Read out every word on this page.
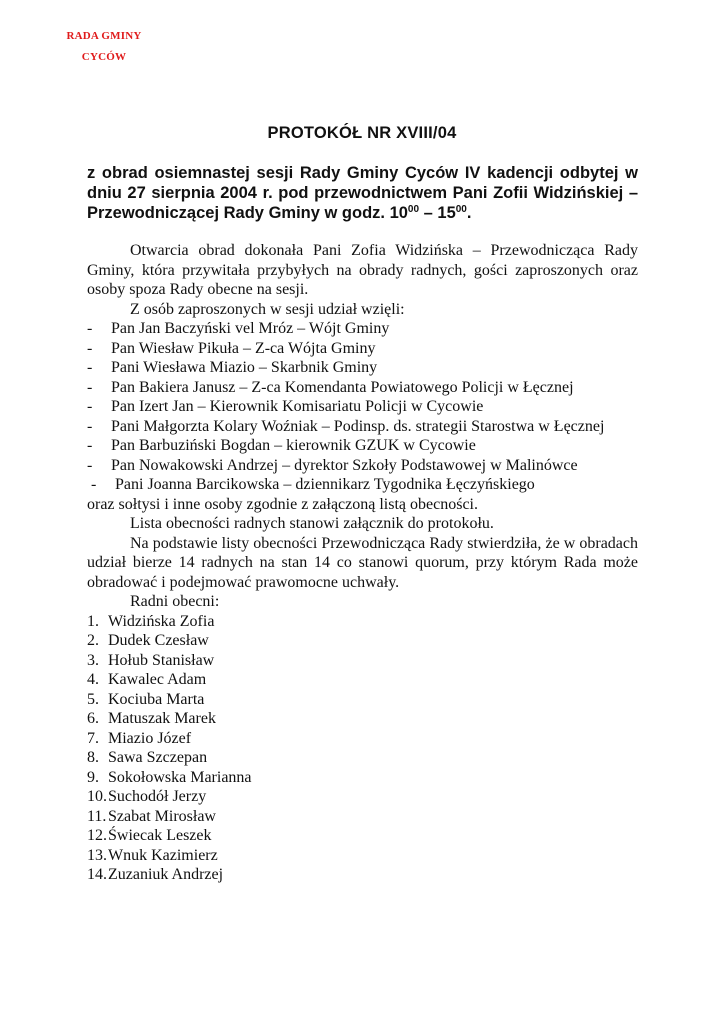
RADA GMINY
CYCÓW
PROTOKÓŁ NR XVIII/04
z obrad osiemnastej sesji Rady Gminy Cyców IV kadencji odbytej w dniu 27 sierpnia 2004 r. pod przewodnictwem Pani Zofii Widzińskiej – Przewodniczącej Rady Gminy w godz. $10^{00} - 15^{00}$.

Otwarcia obrad dokonała Pani Zofia Widzińska – Przewodnicząca Rady Gminy, która przywitała przybyłych na obrady radnych, gości zaproszonych oraz osoby spoza Rady obecne na sesji.

Z osób zaproszonych w sesji udział wzięli:

-	Pan Jan Baczyński vel Mróz – Wójt Gminy
-	Pan Wiesław Pikuła – Z-ca Wójta Gminy
-	Pani Wiesława Miazio – Skarbnik Gminy
-	Pan Bakiera Janusz – Z-ca Komendanta Powiatowego Policji w Łęcznej
-	Pan Izert Jan – Kierownik Komisariatu Policji w Cycowie
-	Pani Małgorzta Kolary Woźniak – Podinsp. ds. strategii Starostwa w Łęcznej
-	Pan Barbuziński Bogdan – kierownik GZUK w Cycowie
-	Pan Nowakowski Andrzej – dyrektor Szkoły Podstawowej w Malinówce
-	Pani Joanna Barcikowska – dziennikarz Tygodnika Łęczyńskiego

oraz sołtysi i inne osoby zgodnie z załączoną listą obecności.

Lista obecności radnych stanowi załącznik do protokołu.

Na podstawie listy obecności Przewodnicząca Rady stwierdziła, że w obradach udział bierze 14 radnych na stan 14 co stanowi quorum, przy którym Rada może obradować i podejmować prawomocne uchwały.

Radni obecni:

1. Widzińska Zofia
2. Dudek Czesław
3. Hołub Stanisław
4. Kawalec Adam
5. Kociuba Marta
6. Matuszak Marek
7. Miazio Józef
8. Sawa Szczepan
9. Sokołowska Marianna
10. Suchodół Jerzy
11. Szabat Mirosław
12. Świecak Leszek
13. Wnuk Kazimierz
14. Zuzaniuk Andrzej
